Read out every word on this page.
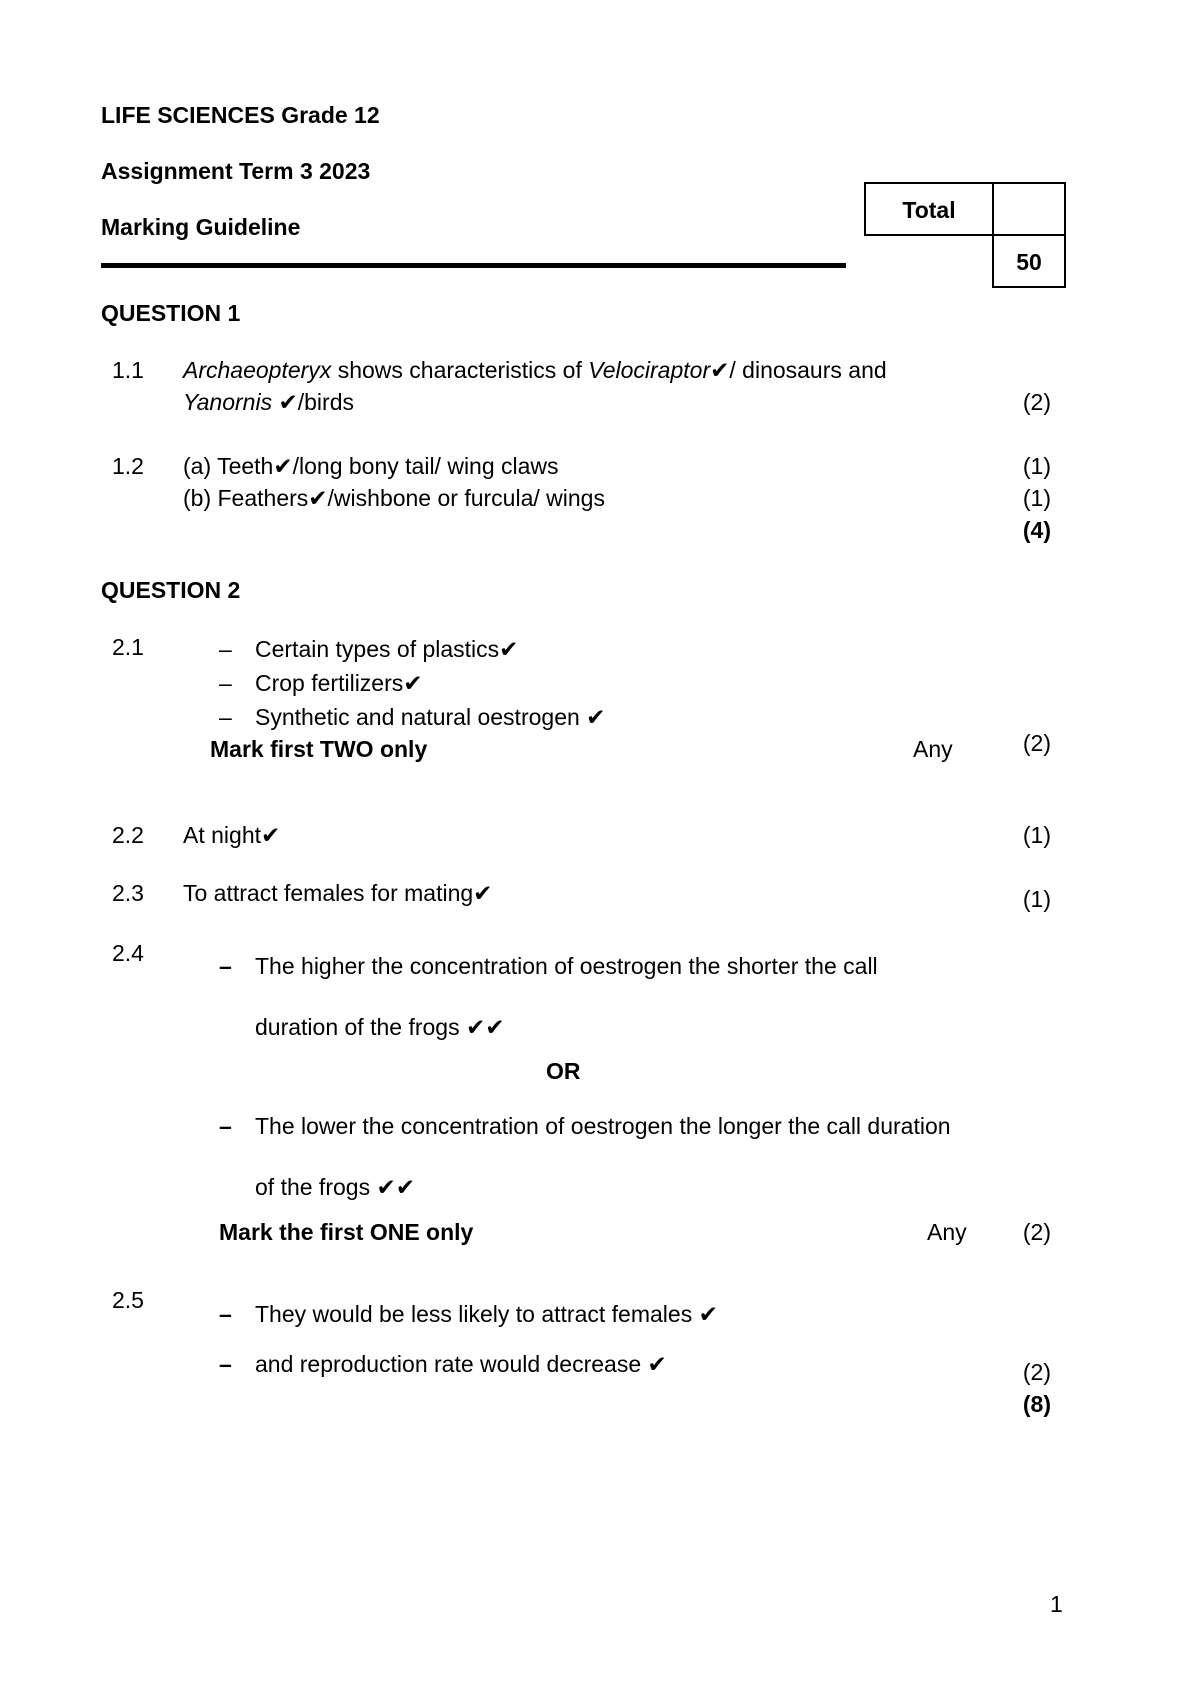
LIFE SCIENCES Grade 12
Assignment Term 3 2023
Marking Guideline
Total
50
QUESTION 1
1.1 Archaeopteryx shows characteristics of Velociraptor✔/ dinosaurs and
Yanornis ✔/birds	(2)
1.2 (a) Teeth✔/long bony tail/ wing claws	(1)
(b) Feathers✔/wishbone or furcula/ wings	(1)
(4)
QUESTION 2
2.1	– Certain types of plastics✔
– Crop fertilizers✔
– Synthetic and natural oestrogen ✔
Mark first TWO only	Any	(2)
2.2 At night✔	(1)
2.3 To attract females for mating✔	(1)
2.4	– The higher the concentration of oestrogen the shorter the call
duration of the frogs ✔✔
OR
– The lower the concentration of oestrogen the longer the call duration
of the frogs ✔✔
Mark the first ONE only	Any	(2)
2.5
– They would be less likely to attract females ✔
– and reproduction rate would decrease ✔	(2)
(8)
1
